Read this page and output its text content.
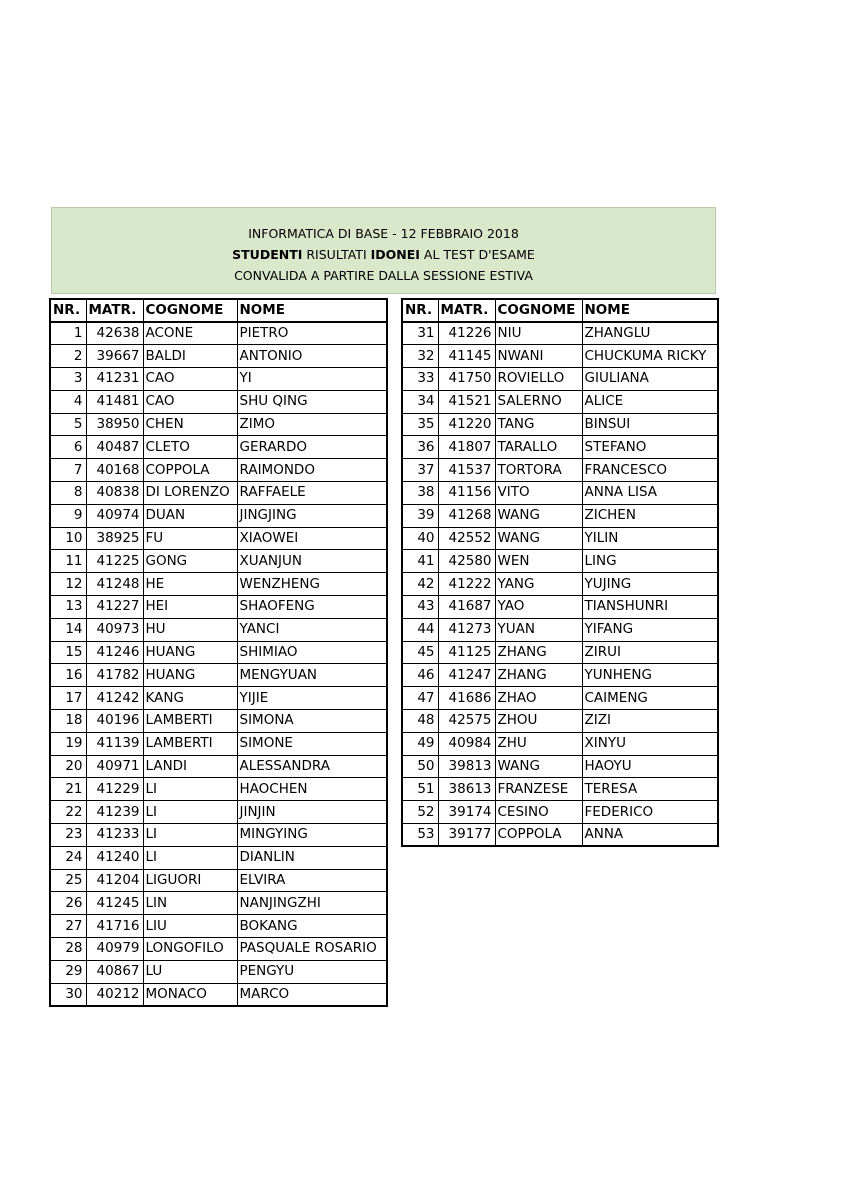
INFORMATICA DI BASE - 12 FEBBRAIO 2018
STUDENTI RISULTATI IDONEI AL TEST D'ESAME
CONVALIDA A PARTIRE DALLA SESSIONE ESTIVA
NR.	MATR.	COGNOME	NOME
1	42638	ACONE	PIETRO
2	39667	BALDI	ANTONIO
3	41231	CAO	YI
4	41481	CAO	SHU QING
5	38950	CHEN	ZIMO
6	40487	CLETO	GERARDO
7	40168	COPPOLA	RAIMONDO
8	40838	DI LORENZO	RAFFAELE
9	40974	DUAN	JINGJING
10	38925	FU	XIAOWEI
11	41225	GONG	XUANJUN
12	41248	HE	WENZHENG
13	41227	HEI	SHAOFENG
14	40973	HU	YANCI
15	41246	HUANG	SHIMIAO
16	41782	HUANG	MENGYUAN
17	41242	KANG	YIJIE
18	40196	LAMBERTI	SIMONA
19	41139	LAMBERTI	SIMONE
20	40971	LANDI	ALESSANDRA
21	41229	LI	HAOCHEN
22	41239	LI	JINJIN
23	41233	LI	MINGYING
24	41240	LI	DIANLIN
25	41204	LIGUORI	ELVIRA
26	41245	LIN	NANJINGZHI
27	41716	LIU	BOKANG
28	40979	LONGOFILO	PASQUALE ROSARIO
29	40867	LU	PENGYU
30	40212	MONACO	MARCO
NR.	MATR.	COGNOME	NOME
31	41226	NIU	ZHANGLU
32	41145	NWANI	CHUCKUMA RICKY
33	41750	ROVIELLO	GIULIANA
34	41521	SALERNO	ALICE
35	41220	TANG	BINSUI
36	41807	TARALLO	STEFANO
37	41537	TORTORA	FRANCESCO
38	41156	VITO	ANNA LISA
39	41268	WANG	ZICHEN
40	42552	WANG	YILIN
41	42580	WEN	LING
42	41222	YANG	YUJING
43	41687	YAO	TIANSHUNRI
44	41273	YUAN	YIFANG
45	41125	ZHANG	ZIRUI
46	41247	ZHANG	YUNHENG
47	41686	ZHAO	CAIMENG
48	42575	ZHOU	ZIZI
49	40984	ZHU	XINYU
50	39813	WANG	HAOYU
51	38613	FRANZESE	TERESA
52	39174	CESINO	FEDERICO
53	39177	COPPOLA	ANNA
